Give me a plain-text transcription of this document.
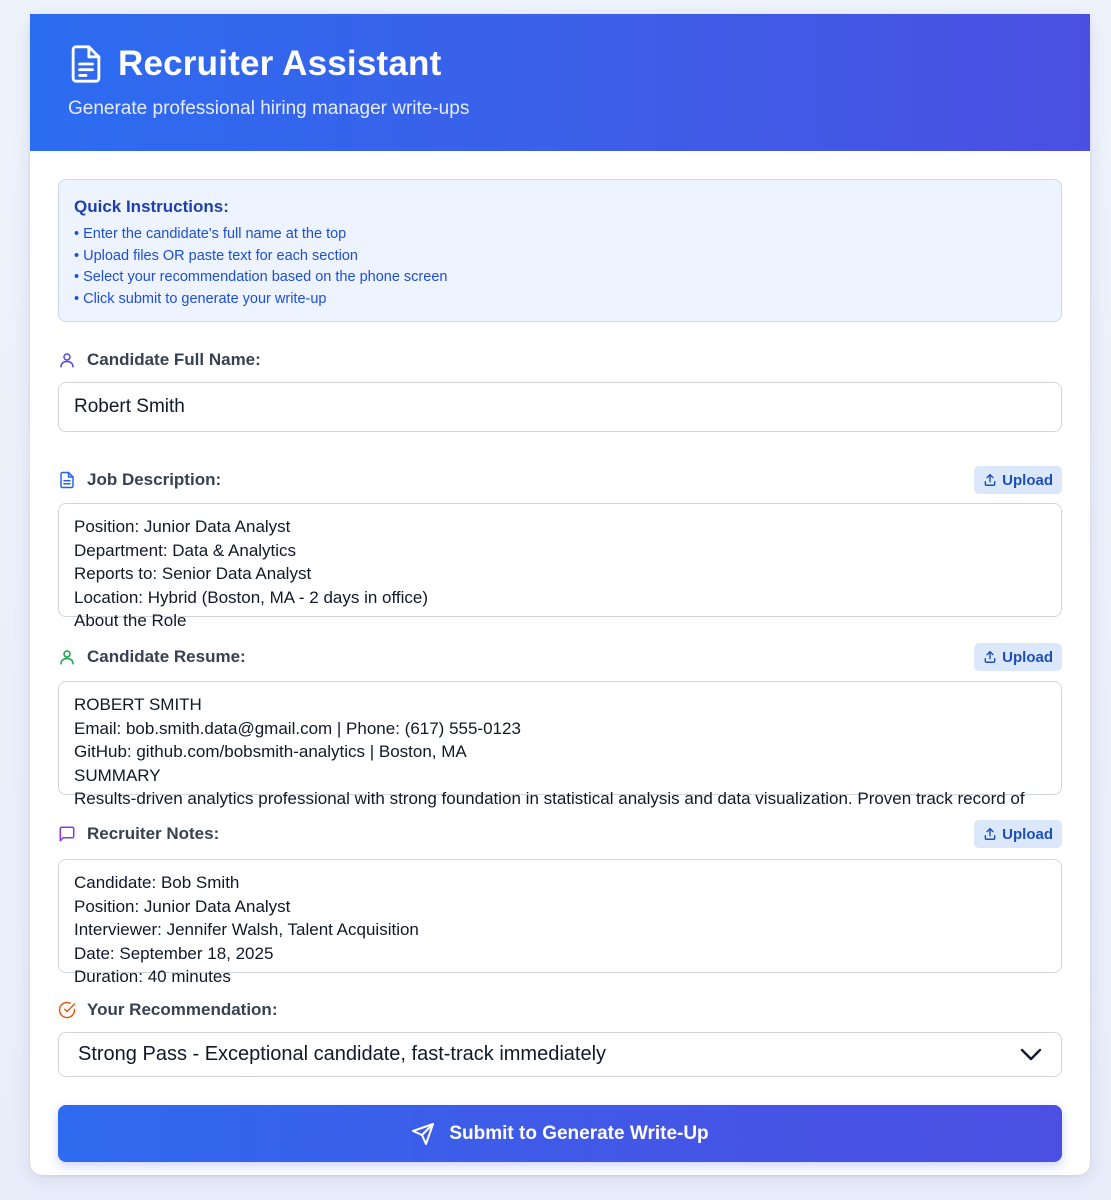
Recruiter Assistant
Generate professional hiring manager write-ups
Quick Instructions:
• Enter the candidate's full name at the top
• Upload files OR paste text for each section
• Select your recommendation based on the phone screen
• Click submit to generate your write-up
Candidate Full Name:
Robert Smith
Job Description:	Upload
Position: Junior Data Analyst
Department: Data & Analytics
Reports to: Senior Data Analyst
Location: Hybrid (Boston, MA - 2 days in office)
About the Role
Candidate Resume:	Upload
ROBERT SMITH
Email: bob.smith.data@gmail.com | Phone: (617) 555-0123
GitHub: github.com/bobsmith-analytics | Boston, MA
SUMMARY
Results-driven analytics professional with strong foundation in statistical analysis and data visualization. Proven track record of
Recruiter Notes:	Upload
Candidate: Bob Smith
Position: Junior Data Analyst
Interviewer: Jennifer Walsh, Talent Acquisition
Date: September 18, 2025
Duration: 40 minutes
Your Recommendation:
Strong Pass - Exceptional candidate, fast-track immediately
Submit to Generate Write-Up
